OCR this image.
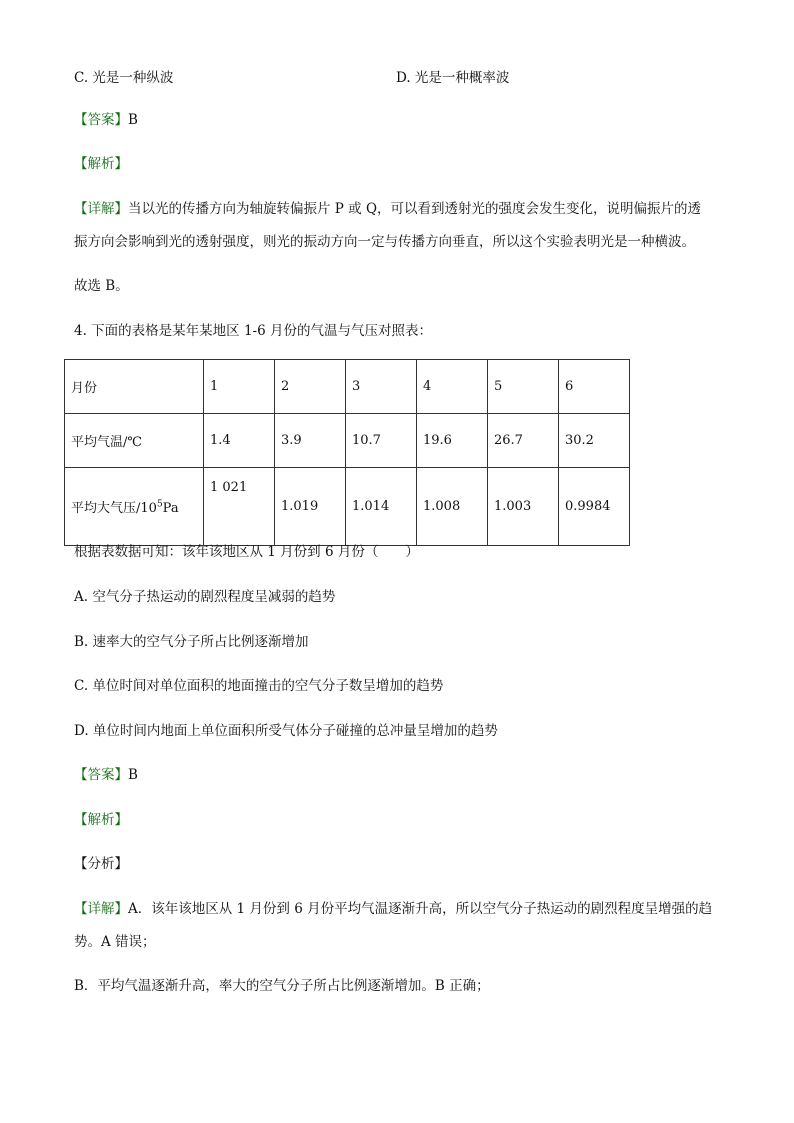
C. 光是一种纵波	D. 光是一种概率波
【答案】B
【解析】
【详解】当以光的传播方向为轴旋转偏振片 P 或 Q，可以看到透射光的强度会发生变化，说明偏振片的透
振方向会影响到光的透射强度，则光的振动方向一定与传播方向垂直，所以这个实验表明光是一种横波。
故选 B。
4. 下面的表格是某年某地区 1-6 月份的气温与气压对照表：
月份	1	2	3	4	5	6
平均气温/℃	1.4	3.9	10.7	19.6	26.7	30.2
平均大气压$/10^5Pa$	1 021	1.019	1.014	1.008	1.003	0.9984
根据表数据可知：该年该地区从 1 月份到 6 月份（　　）
A. 空气分子热运动的剧烈程度呈减弱的趋势
B. 速率大的空气分子所占比例逐渐增加
C. 单位时间对单位面积的地面撞击的空气分子数呈增加的趋势
D. 单位时间内地面上单位面积所受气体分子碰撞的总冲量呈增加的趋势
【答案】B
【解析】
【分析】
【详解】A．该年该地区从 1 月份到 6 月份平均气温逐渐升高，所以空气分子热运动的剧烈程度呈增强的趋
势。A 错误；
B．平均气温逐渐升高，率大的空气分子所占比例逐渐增加。B 正确；
